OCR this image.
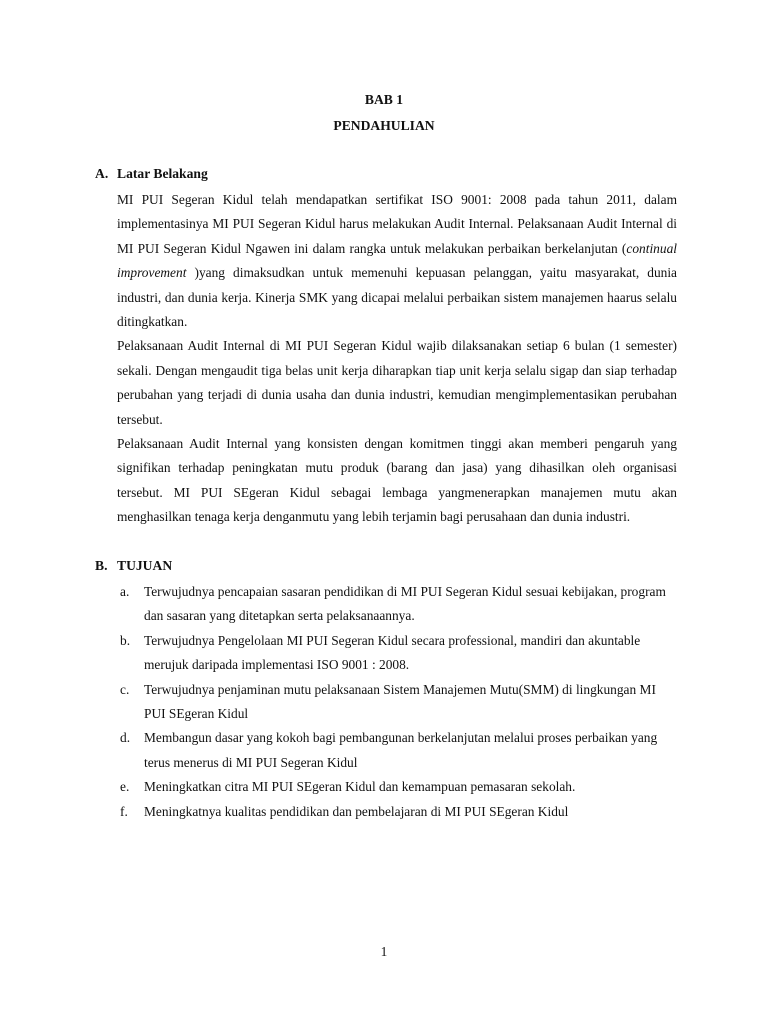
BAB 1
PENDAHULIAN
A. Latar Belakang

MI PUI Segeran Kidul telah mendapatkan sertifikat ISO 9001: 2008 pada tahun 2011, dalam implementasinya MI PUI Segeran Kidul harus melakukan Audit Internal. Pelaksanaan Audit Internal di MI PUI Segeran Kidul Ngawen ini dalam rangka untuk melakukan perbaikan berkelanjutan (continual improvement )yang dimaksudkan untuk memenuhi kepuasan pelanggan, yaitu masyarakat, dunia industri, dan dunia kerja. Kinerja SMK yang dicapai melalui perbaikan sistem manajemen haarus selalu ditingkatkan.

Pelaksanaan Audit Internal di MI PUI Segeran Kidul wajib dilaksanakan setiap 6 bulan (1 semester) sekali. Dengan mengaudit tiga belas unit kerja diharapkan tiap unit kerja selalu sigap dan siap terhadap perubahan yang terjadi di dunia usaha dan dunia industri, kemudian mengimplementasikan perubahan tersebut.

Pelaksanaan Audit Internal yang konsisten dengan komitmen tinggi akan memberi pengaruh yang signifikan terhadap peningkatan mutu produk (barang dan jasa) yang dihasilkan oleh organisasi tersebut. MI PUI SEgeran Kidul sebagai lembaga yangmenerapkan manajemen mutu akan menghasilkan tenaga kerja denganmutu yang lebih terjamin bagi perusahaan dan dunia industri.

B. TUJUAN
a.	Terwujudnya pencapaian sasaran pendidikan di MI PUI Segeran Kidul sesuai kebijakan, program dan sasaran yang ditetapkan serta pelaksanaannya.
b.	Terwujudnya Pengelolaan MI PUI Segeran Kidul secara professional, mandiri dan akuntable merujuk daripada implementasi ISO 9001 : 2008.
c.	Terwujudnya penjaminan mutu pelaksanaan Sistem Manajemen Mutu(SMM) di lingkungan MI PUI SEgeran Kidul
d.	Membangun dasar yang kokoh bagi pembangunan berkelanjutan melalui proses perbaikan yang terus menerus di MI PUI Segeran Kidul
e.	Meningkatkan citra MI PUI SEgeran Kidul dan kemampuan pemasaran sekolah.
f.	Meningkatnya kualitas pendidikan dan pembelajaran di MI PUI SEgeran Kidul
1
